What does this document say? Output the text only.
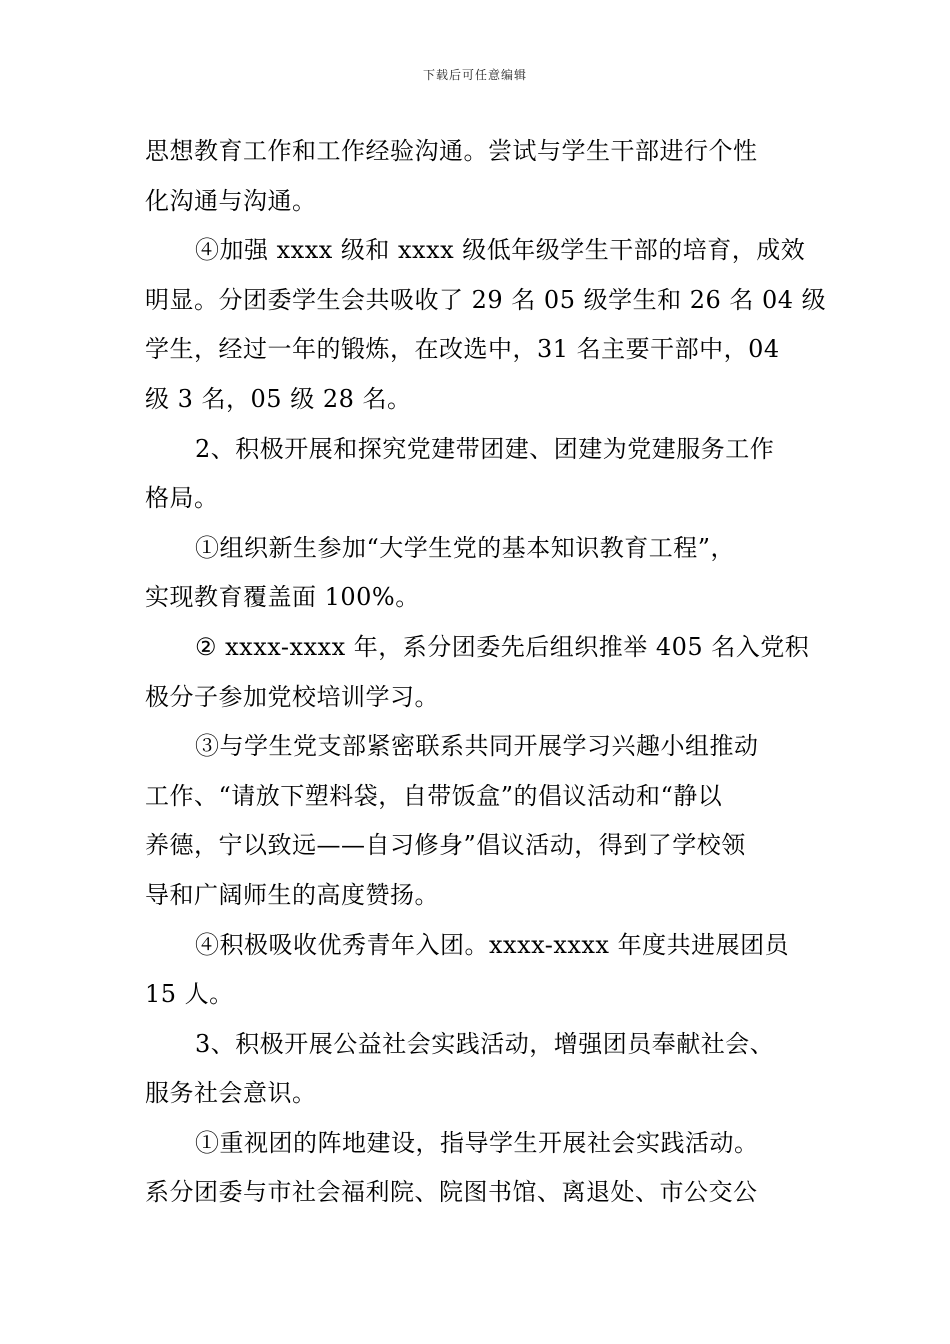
下载后可任意编辑
思想教育工作和工作经验沟通。尝试与学生干部进行个性
化沟通与沟通。
④加强 xxxx 级和 xxxx 级低年级学生干部的培育，成效
明显。分团委学生会共吸收了 29 名 05 级学生和 26 名 04 级
学生，经过一年的锻炼，在改选中，31 名主要干部中，04
级 3 名，05 级 28 名。
2、积极开展和探究党建带团建、团建为党建服务工作
格局。
①组织新生参加“大学生党的基本知识教育工程”，
实现教育覆盖面 100%。
② xxxx-xxxx 年，系分团委先后组织推举 405 名入党积
极分子参加党校培训学习。
③与学生党支部紧密联系共同开展学习兴趣小组推动
工作、“请放下塑料袋，自带饭盒”的倡议活动和“静以
养德，宁以致远——自习修身”倡议活动，得到了学校领
导和广阔师生的高度赞扬。
④积极吸收优秀青年入团。xxxx-xxxx 年度共进展团员
15 人。
3、积极开展公益社会实践活动，增强团员奉献社会、
服务社会意识。
①重视团的阵地建设，指导学生开展社会实践活动。
系分团委与市社会福利院、院图书馆、离退处、市公交公
